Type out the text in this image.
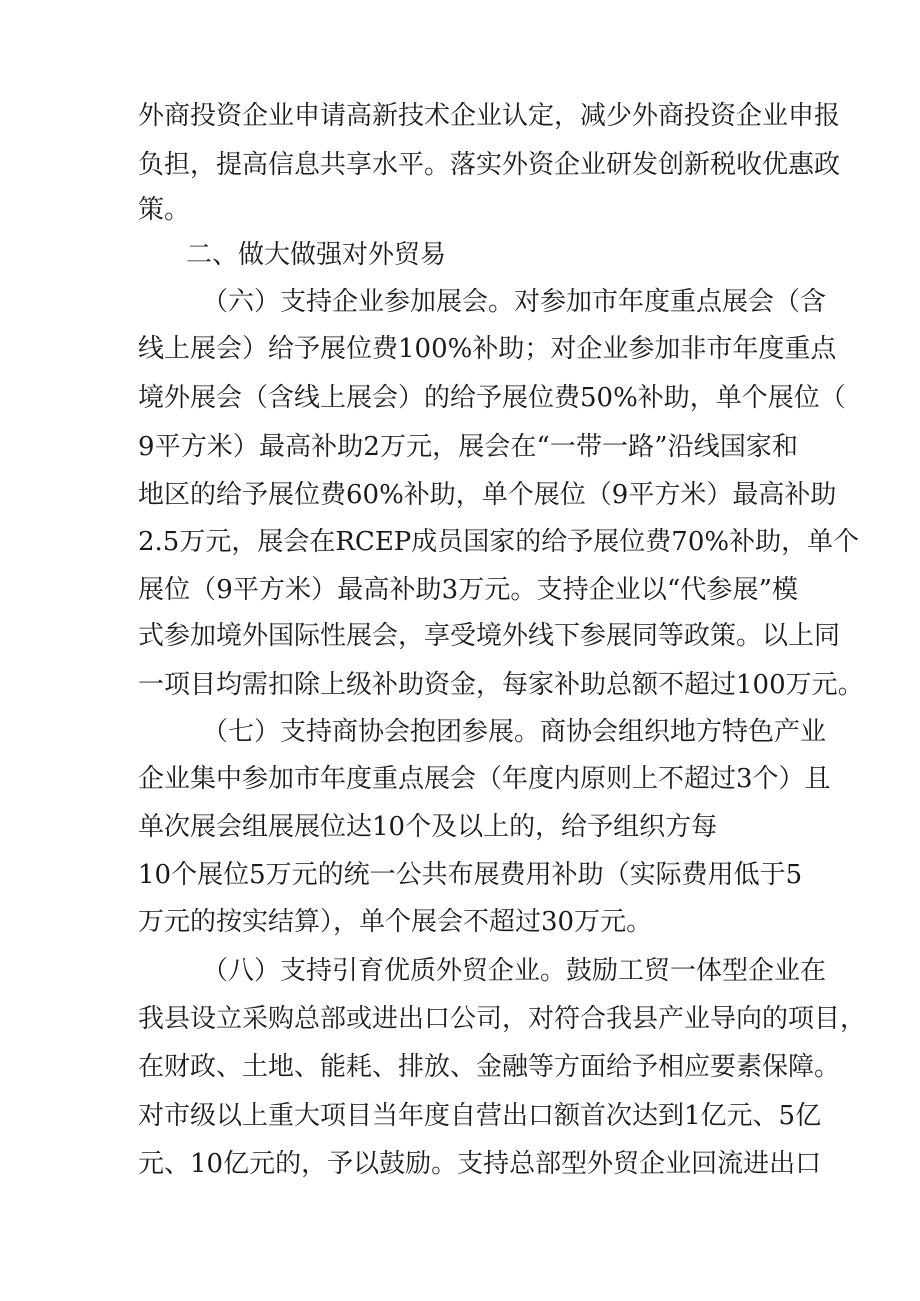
外商投资企业申请高新技术企业认定，减少外商投资企业申报
负担，提高信息共享水平。落实外资企业研发创新税收优惠政
策。
二、做大做强对外贸易
（六）支持企业参加展会。对参加市年度重点展会（含
线上展会）给予展位费100%补助；对企业参加非市年度重点
境外展会（含线上展会）的给予展位费50%补助，单个展位（
9平方米）最高补助2万元，展会在“一带一路”沿线国家和
地区的给予展位费60%补助，单个展位（9平方米）最高补助
2.5万元，展会在RCEP成员国家的给予展位费70%补助，单个
展位（9平方米）最高补助3万元。支持企业以“代参展”模
式参加境外国际性展会，享受境外线下参展同等政策。以上同
一项目均需扣除上级补助资金，每家补助总额不超过100万元。
（七）支持商协会抱团参展。商协会组织地方特色产业
企业集中参加市年度重点展会（年度内原则上不超过3个）且
单次展会组展展位达10个及以上的，给予组织方每
10个展位5万元的统一公共布展费用补助（实际费用低于5
万元的按实结算），单个展会不超过30万元。
（八）支持引育优质外贸企业。鼓励工贸一体型企业在
我县设立采购总部或进出口公司，对符合我县产业导向的项目，
在财政、土地、能耗、排放、金融等方面给予相应要素保障。
对市级以上重大项目当年度自营出口额首次达到1亿元、5亿
元、10亿元的，予以鼓励。支持总部型外贸企业回流进出口
